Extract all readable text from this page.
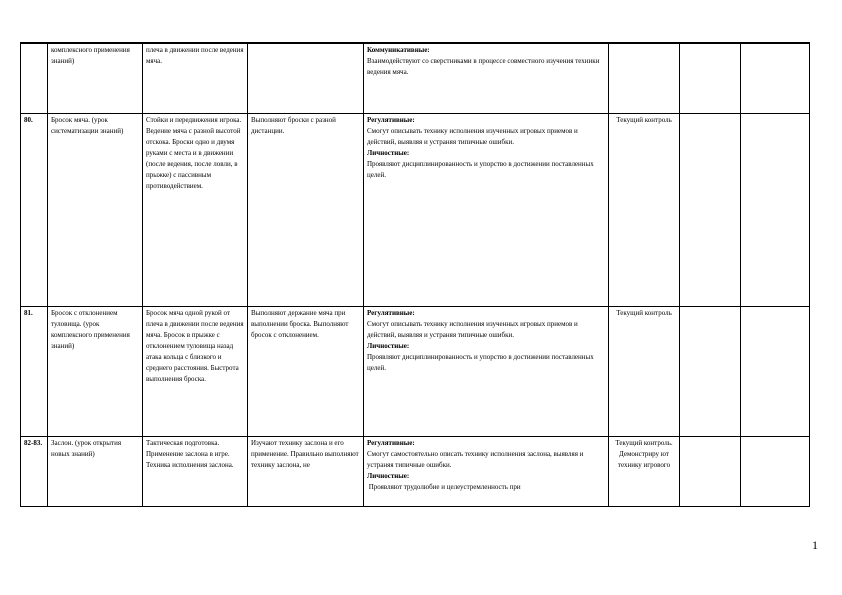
	комплексного применения знаний)	плеча в движении после ведения мяча.		Коммуникативные:
Взаимодействуют со сверстниками в процессе совместного изучения техники ведения мяча.			

80.	Бросок мяча. (урок систематизации знаний)	Стойки и передвижения игрока. Ведение мяча с разной высотой отскока. Броски одно и двумя руками с места и в движении (после ведения, после ловли, в прыжке) с пассивным противодействием.	Выполняют броски с разной дистанции.	Регулятивные:
Смогут описывать технику исполнения изученных игровых приемов и действий, выявляя и устраняя типичные ошибки.
Личностные:
Проявляют дисциплинированность и упорство в достижении поставленных целей.	Текущий контроль		
81.	Бросок с отклонением туловища. (урок комплексного применения знаний)	Бросок мяча одной рукой от плеча в движении после ведения мяча. Бросок в прыжке с отклонением туловища назад атака кольца с близкого и среднего расстояния. Быстрота выполнения броска.	Выполняют держание мяча при выполнении броска. Выполняют бросок с отклонением.	Регулятивные:
Смогут описывать технику исполнения изученных игровых приемов и действий, выявляя и устраняя типичные ошибки.
Личностные:
Проявляют дисциплинированность и упорство в достижении поставленных целей.	Текущий контроль		
82-83.	Заслон. (урок открытия новых знаний)	Тактическая подготовка. Применение заслона в игре. Техника исполнения заслона.	Изучают технику заслона и его применение. Правильно выполняют технику заслона, не	Регулятивные:
Смогут самостоятельно описать технику исполнения заслона, выявляя и устраняя типичные ошибки.
Личностные:
Проявляют трудолюбие и целеустремленность при	Текущий контроль. Демонстриру ют технику игрового		
1
